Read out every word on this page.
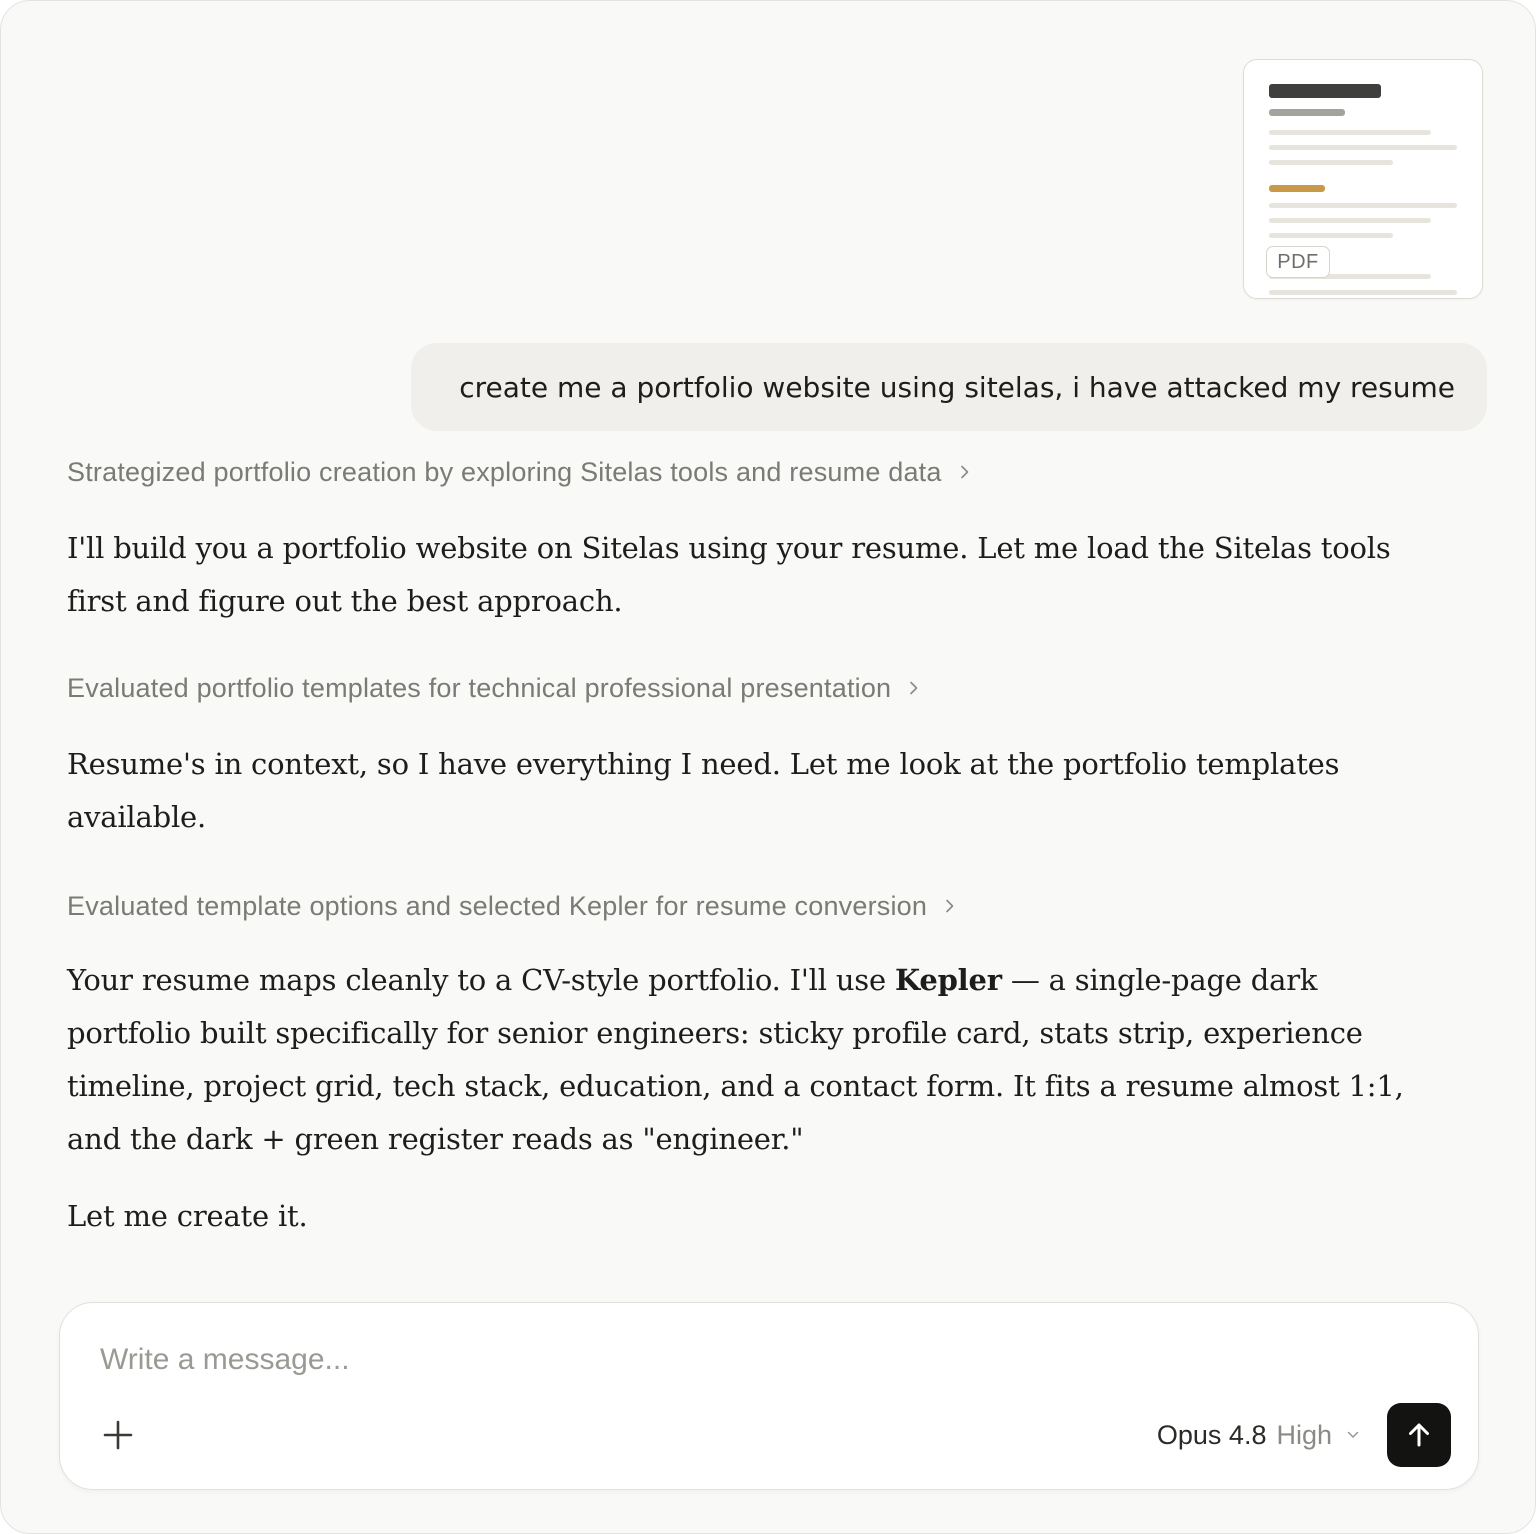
PDF
create me a portfolio website using sitelas, i have attacked my resume
Strategized portfolio creation by exploring Sitelas tools and resume data

I'll build you a portfolio website on Sitelas using your resume. Let me load the Sitelas tools first and figure out the best approach.

Evaluated portfolio templates for technical professional presentation

Resume's in context, so I have everything I need. Let me look at the portfolio templates available.

Evaluated template options and selected Kepler for resume conversion

Your resume maps cleanly to a CV-style portfolio. I'll use Kepler — a single-page dark portfolio built specifically for senior engineers: sticky profile card, stats strip, experience timeline, project grid, tech stack, education, and a contact form. It fits a resume almost 1:1, and the dark + green register reads as "engineer."

Let me create it.

Write a message...
Opus 4.8 High
